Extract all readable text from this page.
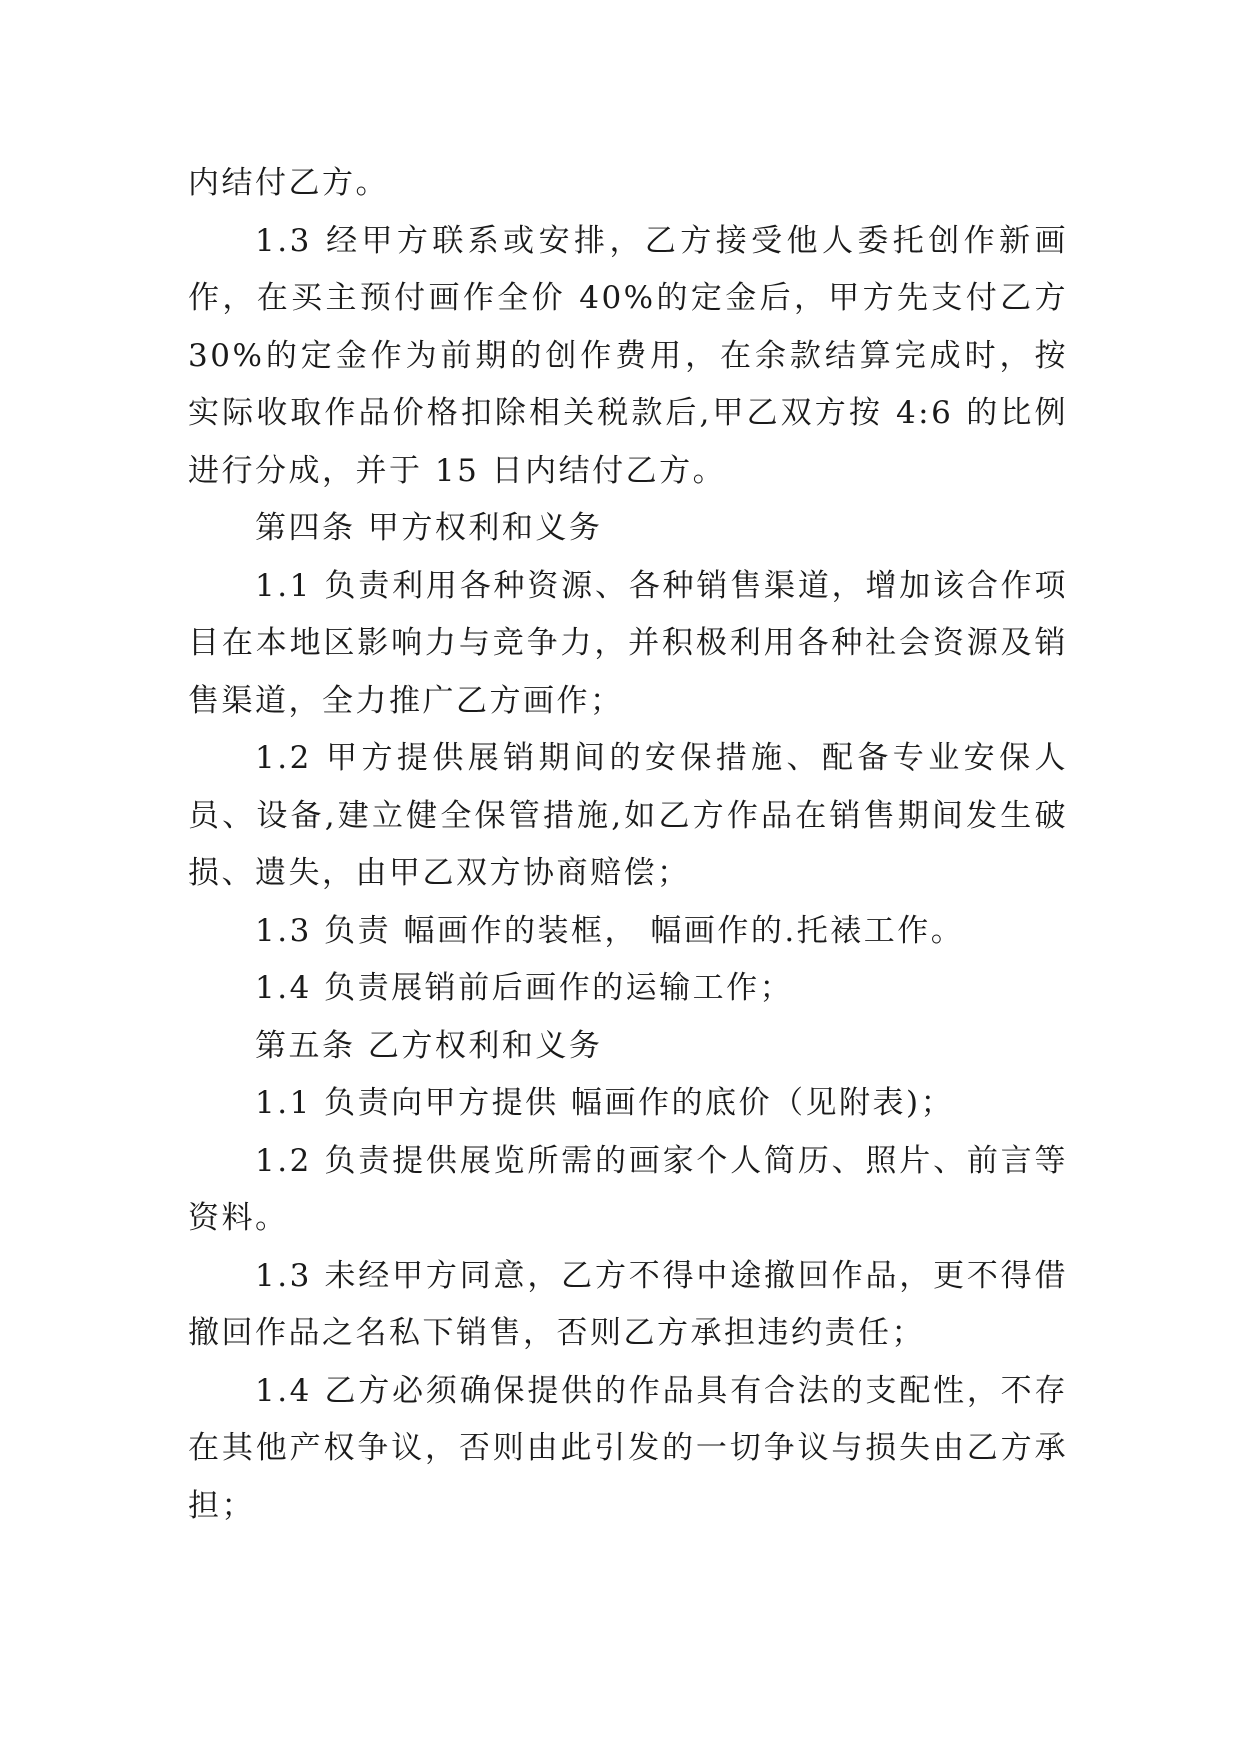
内结付乙方。

1.3 经甲方联系或安排，乙方接受他人委托创作新画作，在买主预付画作全价 40%的定金后，甲方先支付乙方 30%的定金作为前期的创作费用，在余款结算完成时，按实际收取作品价格扣除相关税款后,甲乙双方按 4:6 的比例进行分成，并于 15 日内结付乙方。

第四条 甲方权利和义务

1.1 负责利用各种资源、各种销售渠道，增加该合作项目在本地区影响力与竞争力，并积极利用各种社会资源及销售渠道，全力推广乙方画作；

1.2 甲方提供展销期间的安保措施、配备专业安保人员、设备,建立健全保管措施,如乙方作品在销售期间发生破损、遗失，由甲乙双方协商赔偿；

1.3 负责 幅画作的装框， 幅画作的.托裱工作。

1.4 负责展销前后画作的运输工作；

第五条 乙方权利和义务

1.1 负责向甲方提供 幅画作的底价（见附表)；

1.2 负责提供展览所需的画家个人简历、照片、前言等资料。

1.3 未经甲方同意，乙方不得中途撤回作品，更不得借撤回作品之名私下销售，否则乙方承担违约责任；

1.4 乙方必须确保提供的作品具有合法的支配性，不存在其他产权争议，否则由此引发的一切争议与损失由乙方承担；
